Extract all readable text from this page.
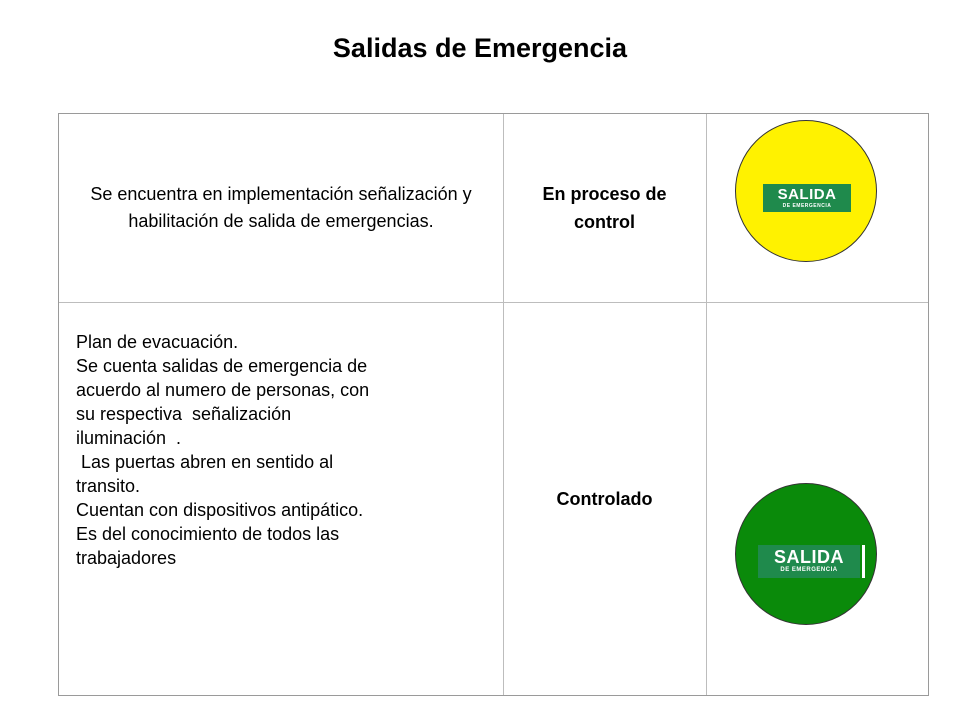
Salidas de Emergencia
Se encuentra en implementación señalización y habilitación de salida de emergencias.
En proceso de control
SALIDA
DE EMERGENCIA
Plan de evacuación.
Se cuenta salidas de emergencia de
acuerdo al numero de personas, con
su respectiva  señalización
iluminación  .
Las puertas abren en sentido al
transito.
Cuentan con dispositivos antipático.
Es del conocimiento de todos las
trabajadores
Controlado
SALIDA
DE EMERGENCIA
